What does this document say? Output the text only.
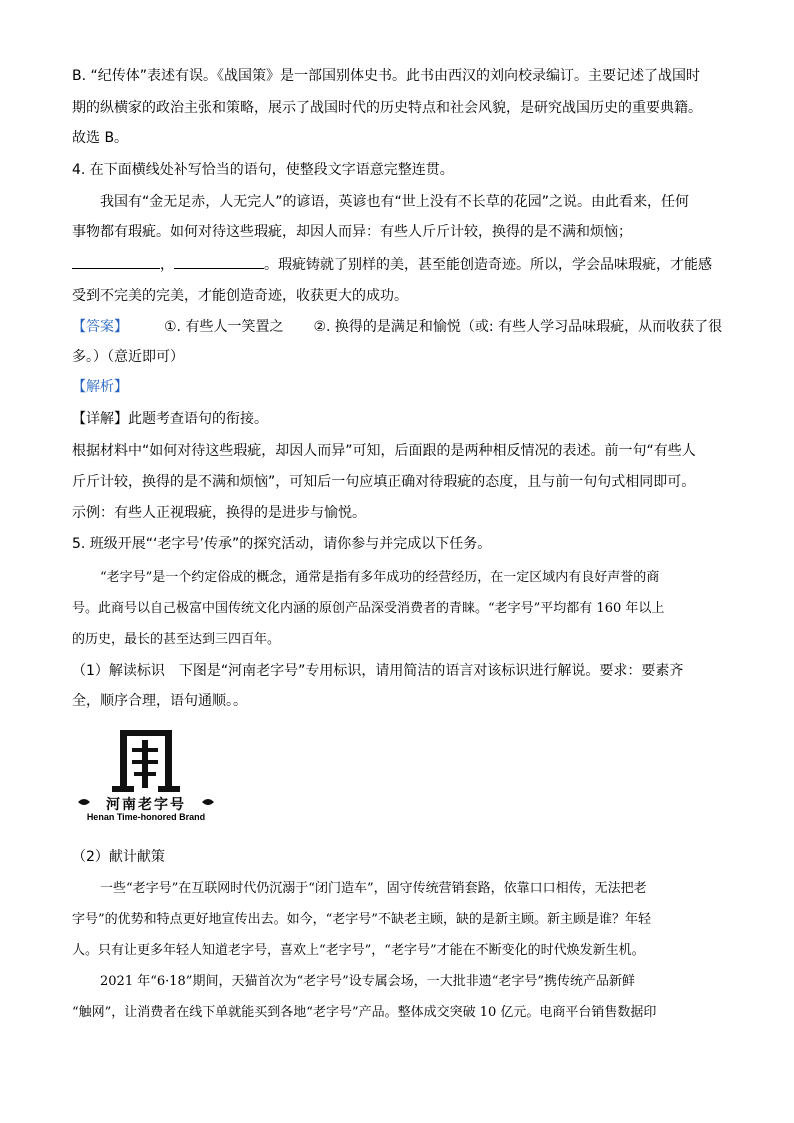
B. “纪传体”表述有误。《战国策》是一部国别体史书。此书由西汉的刘向校录编订。主要记述了战国时
期的纵横家的政治主张和策略，展示了战国时代的历史特点和社会风貌，是研究战国历史的重要典籍。
故选 B。
4. 在下面横线处补写恰当的语句，使整段文字语意完整连贯。
我国有“金无足赤，人无完人”的谚语，英谚也有“世上没有不长草的花园”之说。由此看来，任何
事物都有瑕疵。如何对待这些瑕疵，却因人而异：有些人斤斤计较，换得的是不满和烦恼；
，	。瑕疵铸就了别样的美，甚至能创造奇迹。所以，学会品味瑕疵，才能感
受到不完美的完美，才能创造奇迹，收获更大的成功。
【答案】	①. 有些人一笑置之 ②. 换得的是满足和愉悦（或: 有些人学习品味瑕疵，从而收获了很
多。）（意近即可）
【解析】
【详解】此题考查语句的衔接。
根据材料中“如何对待这些瑕疵，却因人而异”可知，后面跟的是两种相反情况的表述。前一句“有些人
斤斤计较，换得的是不满和烦恼”，可知后一句应填正确对待瑕疵的态度，且与前一句句式相同即可。
示例：有些人正视瑕疵，换得的是进步与愉悦。
5. 班级开展“‘老字号’传承”的探究活动，请你参与并完成以下任务。
“老字号”是一个约定俗成的概念，通常是指有多年成功的经营经历，在一定区域内有良好声誉的商
号。此商号以自己极富中国传统文化内涵的原创产品深受消费者的青睐。“老字号”平均都有 160 年以上
的历史，最长的甚至达到三四百年。
（1）解读标识　下图是“河南老字号”专用标识，请用简洁的语言对该标识进行解说。要求：要素齐
全，顺序合理，语句通顺。。
河南老字号
Henan Time-honored Brand
（2）献计献策
一些“老字号”在互联网时代仍沉溺于“闭门造车”，固守传统营销套路，依靠口口相传，无法把老
字号”的优势和特点更好地宣传出去。如今，“老字号”不缺老主顾，缺的是新主顾。新主顾是谁？年轻
人。只有让更多年轻人知道老字号，喜欢上“老字号”，“老字号”才能在不断变化的时代焕发新生机。
2021 年“6·18”期间，天猫首次为“老字号”设专属会场，一大批非遗“老字号”携传统产品新鲜
“触网”，让消费者在线下单就能买到各地“老字号”产品。整体成交突破 10 亿元。电商平台销售数据印
